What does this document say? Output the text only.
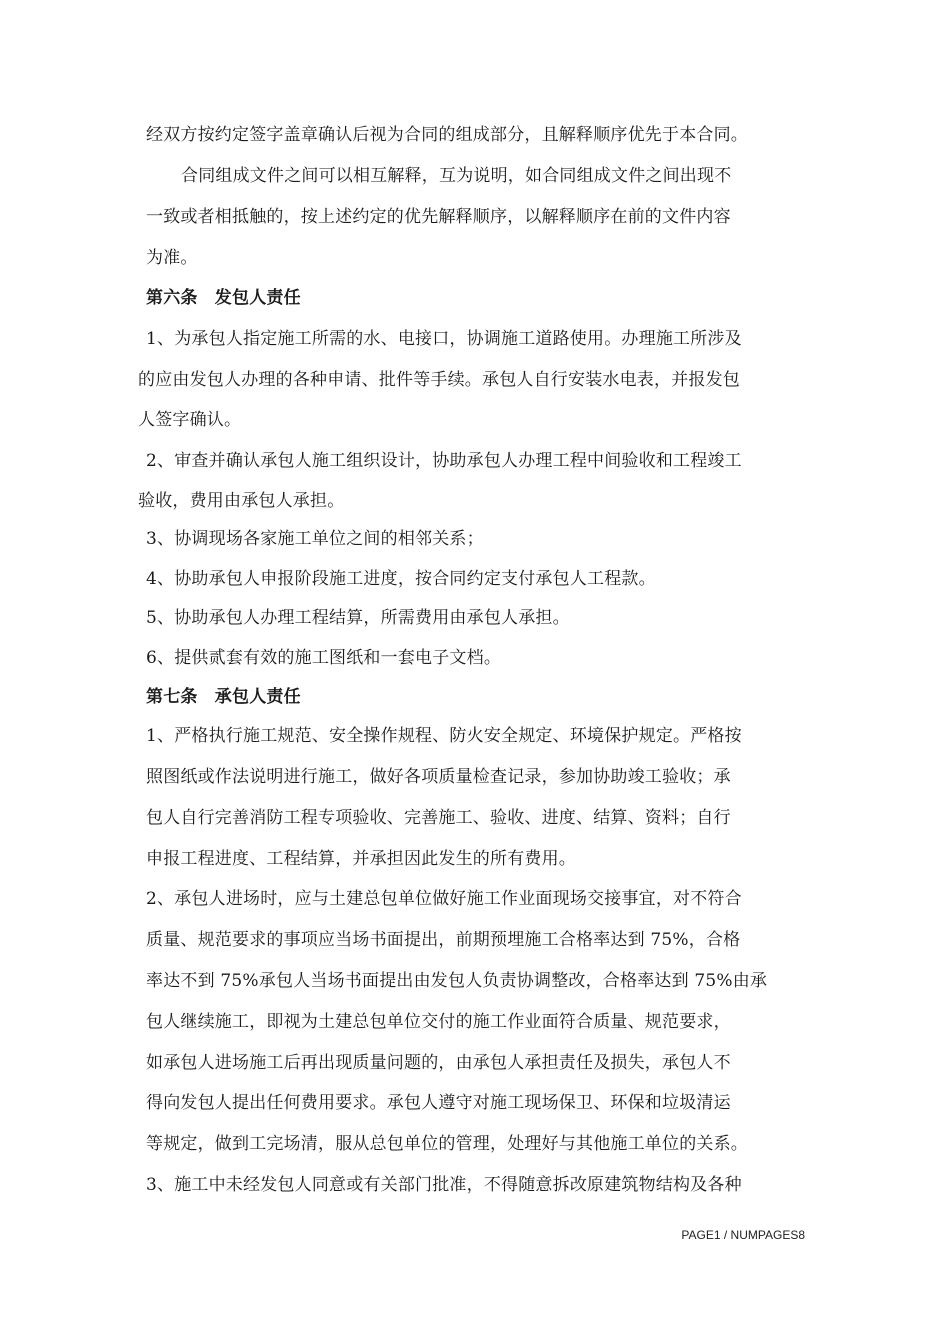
经双方按约定签字盖章确认后视为合同的组成部分，且解释顺序优先于本合同。
合同组成文件之间可以相互解释，互为说明，如合同组成文件之间出现不
一致或者相抵触的，按上述约定的优先解释顺序，以解释顺序在前的文件内容
为准。
第六条　发包人责任
1、为承包人指定施工所需的水、电接口，协调施工道路使用。办理施工所涉及
的应由发包人办理的各种申请、批件等手续。承包人自行安装水电表，并报发包
人签字确认。
2、审查并确认承包人施工组织设计，协助承包人办理工程中间验收和工程竣工
验收，费用由承包人承担。
3、协调现场各家施工单位之间的相邻关系；
4、协助承包人申报阶段施工进度，按合同约定支付承包人工程款。
5、协助承包人办理工程结算，所需费用由承包人承担。
6、提供贰套有效的施工图纸和一套电子文档。
第七条　承包人责任
1、严格执行施工规范、安全操作规程、防火安全规定、环境保护规定。严格按
照图纸或作法说明进行施工，做好各项质量检查记录，参加协助竣工验收；承
包人自行完善消防工程专项验收、完善施工、验收、进度、结算、资料；自行
申报工程进度、工程结算，并承担因此发生的所有费用。
2、承包人进场时，应与土建总包单位做好施工作业面现场交接事宜，对不符合
质量、规范要求的事项应当场书面提出，前期预埋施工合格率达到 75%，合格
率达不到 75%承包人当场书面提出由发包人负责协调整改，合格率达到 75%由承
包人继续施工，即视为土建总包单位交付的施工作业面符合质量、规范要求，
如承包人进场施工后再出现质量问题的，由承包人承担责任及损失，承包人不
得向发包人提出任何费用要求。承包人遵守对施工现场保卫、环保和垃圾清运
等规定，做到工完场清，服从总包单位的管理，处理好与其他施工单位的关系。
3、施工中未经发包人同意或有关部门批准，不得随意拆改原建筑物结构及各种
PAGE1 / NUMPAGES8
